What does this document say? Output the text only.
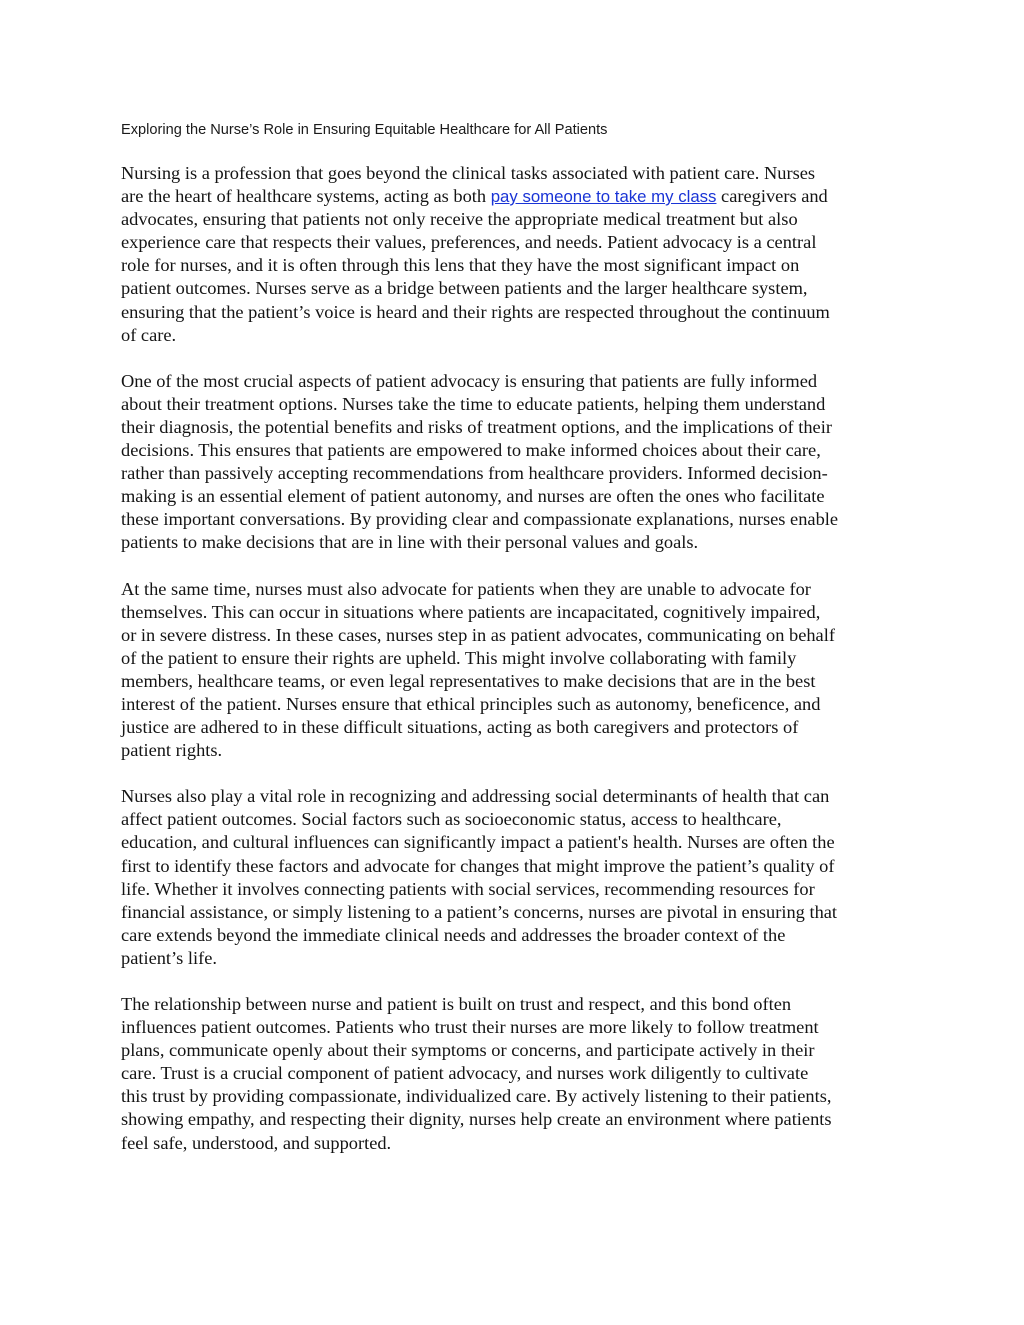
Exploring the Nurse’s Role in Ensuring Equitable Healthcare for All Patients

Nursing is a profession that goes beyond the clinical tasks associated with patient care. Nurses
are the heart of healthcare systems, acting as both pay someone to take my class caregivers and
advocates, ensuring that patients not only receive the appropriate medical treatment but also
experience care that respects their values, preferences, and needs. Patient advocacy is a central
role for nurses, and it is often through this lens that they have the most significant impact on
patient outcomes. Nurses serve as a bridge between patients and the larger healthcare system,
ensuring that the patient’s voice is heard and their rights are respected throughout the continuum
of care.

One of the most crucial aspects of patient advocacy is ensuring that patients are fully informed
about their treatment options. Nurses take the time to educate patients, helping them understand
their diagnosis, the potential benefits and risks of treatment options, and the implications of their
decisions. This ensures that patients are empowered to make informed choices about their care,
rather than passively accepting recommendations from healthcare providers. Informed decision-
making is an essential element of patient autonomy, and nurses are often the ones who facilitate
these important conversations. By providing clear and compassionate explanations, nurses enable
patients to make decisions that are in line with their personal values and goals.

At the same time, nurses must also advocate for patients when they are unable to advocate for
themselves. This can occur in situations where patients are incapacitated, cognitively impaired,
or in severe distress. In these cases, nurses step in as patient advocates, communicating on behalf
of the patient to ensure their rights are upheld. This might involve collaborating with family
members, healthcare teams, or even legal representatives to make decisions that are in the best
interest of the patient. Nurses ensure that ethical principles such as autonomy, beneficence, and
justice are adhered to in these difficult situations, acting as both caregivers and protectors of
patient rights.

Nurses also play a vital role in recognizing and addressing social determinants of health that can
affect patient outcomes. Social factors such as socioeconomic status, access to healthcare,
education, and cultural influences can significantly impact a patient's health. Nurses are often the
first to identify these factors and advocate for changes that might improve the patient’s quality of
life. Whether it involves connecting patients with social services, recommending resources for
financial assistance, or simply listening to a patient’s concerns, nurses are pivotal in ensuring that
care extends beyond the immediate clinical needs and addresses the broader context of the
patient’s life.

The relationship between nurse and patient is built on trust and respect, and this bond often
influences patient outcomes. Patients who trust their nurses are more likely to follow treatment
plans, communicate openly about their symptoms or concerns, and participate actively in their
care. Trust is a crucial component of patient advocacy, and nurses work diligently to cultivate
this trust by providing compassionate, individualized care. By actively listening to their patients,
showing empathy, and respecting their dignity, nurses help create an environment where patients
feel safe, understood, and supported.
